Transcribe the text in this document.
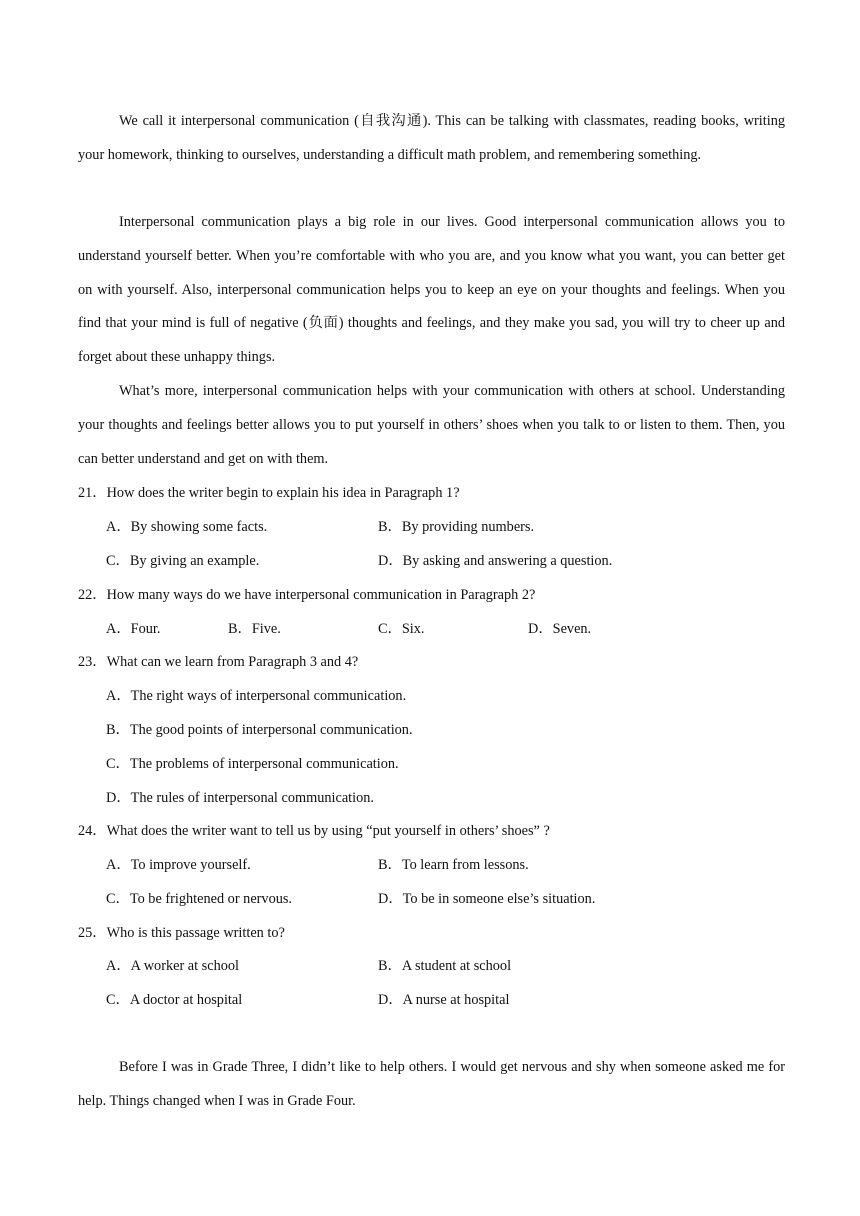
We call it interpersonal communication (自我沟通). This can be talking with classmates, reading books, writing your homework, thinking to ourselves, understanding a difficult math problem, and remembering something.

Interpersonal communication plays a big role in our lives. Good interpersonal communication allows you to understand yourself better. When you’re comfortable with who you are, and you know what you want, you can better get on with yourself. Also, interpersonal communication helps you to keep an eye on your thoughts and feelings. When you find that your mind is full of negative (负面) thoughts and feelings, and they make you sad, you will try to cheer up and forget about these unhappy things.

What’s more, interpersonal communication helps with your communication with others at school. Understanding your thoughts and feelings better allows you to put yourself in others’ shoes when you talk to or listen to them. Then, you can better understand and get on with them.

21．How does the writer begin to explain his idea in Paragraph 1?
A．By showing some facts.	B．By providing numbers.
C．By giving an example.	D．By asking and answering a question.
22．How many ways do we have interpersonal communication in Paragraph 2?
A．Four.	B．Five.	C．Six.	D．Seven.
23．What can we learn from Paragraph 3 and 4?
A．The right ways of interpersonal communication.
B．The good points of interpersonal communication.
C．The problems of interpersonal communication.
D．The rules of interpersonal communication.
24．What does the writer want to tell us by using “put yourself in others’ shoes” ?
A．To improve yourself.	B．To learn from lessons.
C．To be frightened or nervous.	D．To be in someone else’s situation.
25．Who is this passage written to?
A．A worker at school	B．A student at school
C．A doctor at hospital	D．A nurse at hospital

Before I was in Grade Three, I didn’t like to help others. I would get nervous and shy when someone asked me for help. Things changed when I was in Grade Four.
